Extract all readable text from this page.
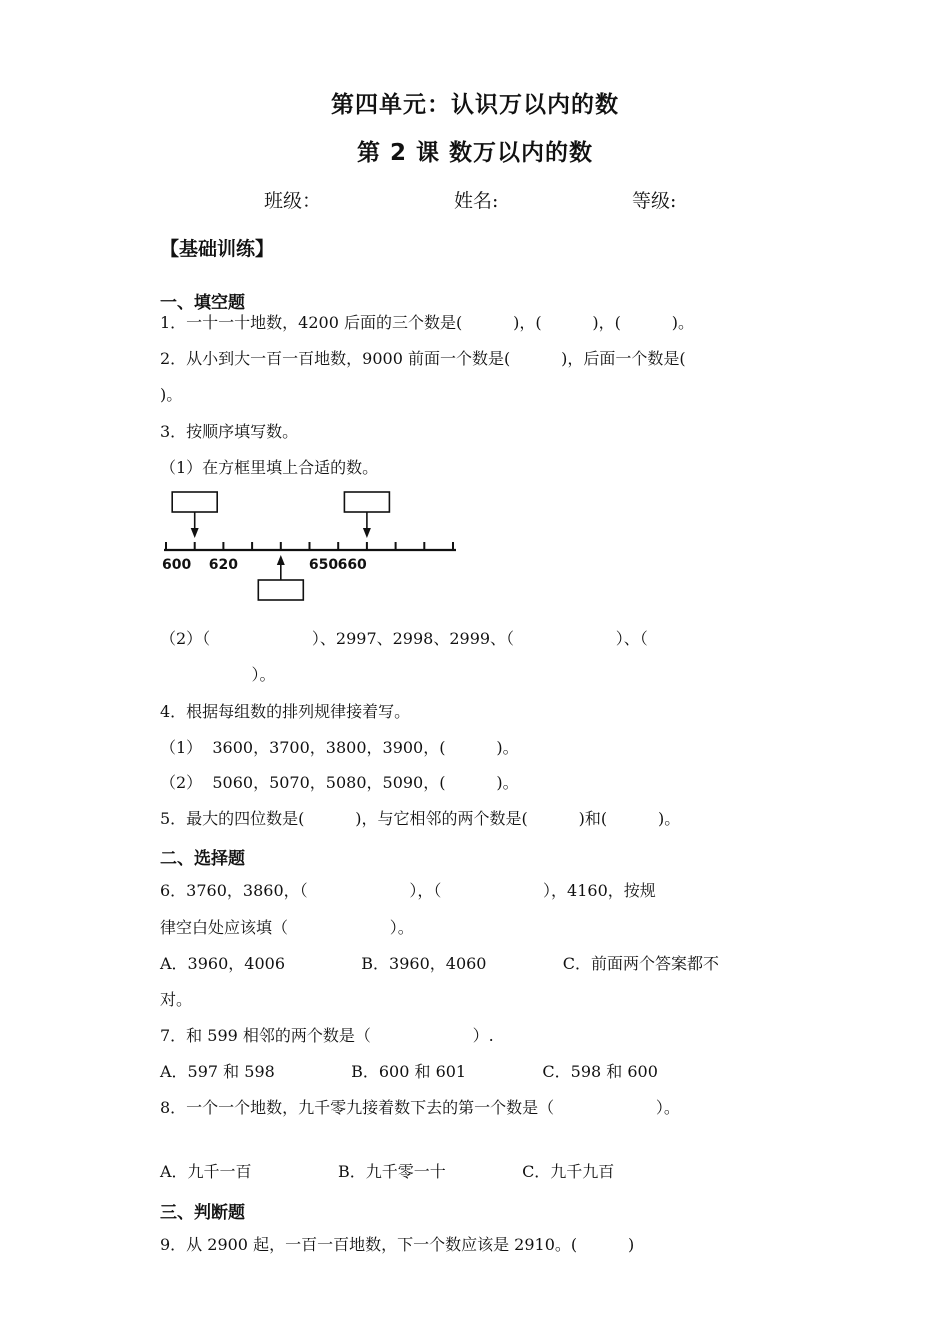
第四单元：认识万以内的数
第 2 课 数万以内的数
班级：	姓名:	等级:
【基础训练】
一、填空题
1．一十一十地数，4200 后面的三个数是(          )，(          )，(          )。
2．从小到大一百一百地数，9000 前面一个数是(          )，后面一个数是(
)。
3．按顺序填写数。
（1）在方框里填上合适的数。
600 620	650 660
（2）（                    ）、2997、2998、2999、（                    ）、（
）。
4．根据每组数的排列规律接着写。
（1）  3600，3700，3800，3900，(          )。
（2）  5060，5070，5080，5090，(          )。
5．最大的四位数是(          )，与它相邻的两个数是(          )和(          )。
二、选择题
6．3760，3860，（                    ），（                    ），4160，按规
律空白处应该填（                    ）。
A．3960，4006               B．3960，4060               C．前面两个答案都不
对。
7．和 599 相邻的两个数是（                    ）.
A．597 和 598               B．600 和 601               C．598 和 600
8．一个一个地数，九千零九接着数下去的第一个数是（                    ）。
A．九千一百                 B．九千零一十               C．九千九百
三、判断题
9．从 2900 起，一百一百地数，下一个数应该是 2910。(          )
